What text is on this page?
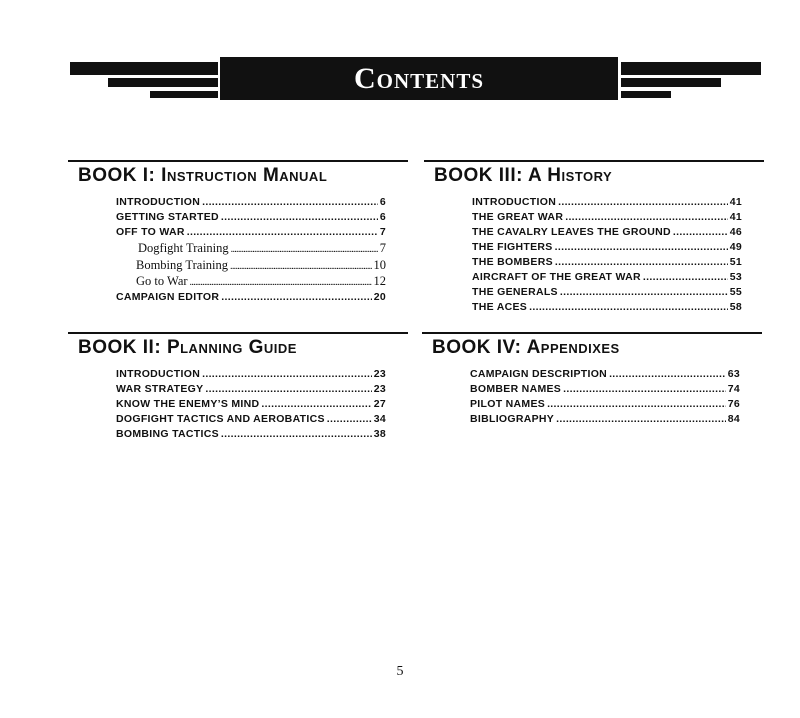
Contents
BOOK I: Instruction Manual
INTRODUCTION . . .	6
GETTING STARTED . . .	6
OFF TO WAR . . .	7
Dogfight Training . . .	7
Bombing Training . . .	10
Go to War . . .	12
CAMPAIGN EDITOR . . .	20
BOOK III: A History
INTRODUCTION . . .	41
THE GREAT WAR . . .	41
THE CAVALRY LEAVES THE GROUND . . .	46
THE FIGHTERS . . .	49
THE BOMBERS . . .	51
AIRCRAFT OF THE GREAT WAR . . .	53
THE GENERALS . . .	55
THE ACES . . .	58
BOOK II: Planning Guide
INTRODUCTION . . .	23
WAR STRATEGY . . .	23
KNOW THE ENEMY’S MIND . . .	27
DOGFIGHT TACTICS AND AEROBATICS . . .	34
BOMBING TACTICS . . .	38
BOOK IV: Appendixes
CAMPAIGN DESCRIPTION . . .	63
BOMBER NAMES . . .	74
PILOT NAMES . . .	76
BIBLIOGRAPHY . . .	84
5
